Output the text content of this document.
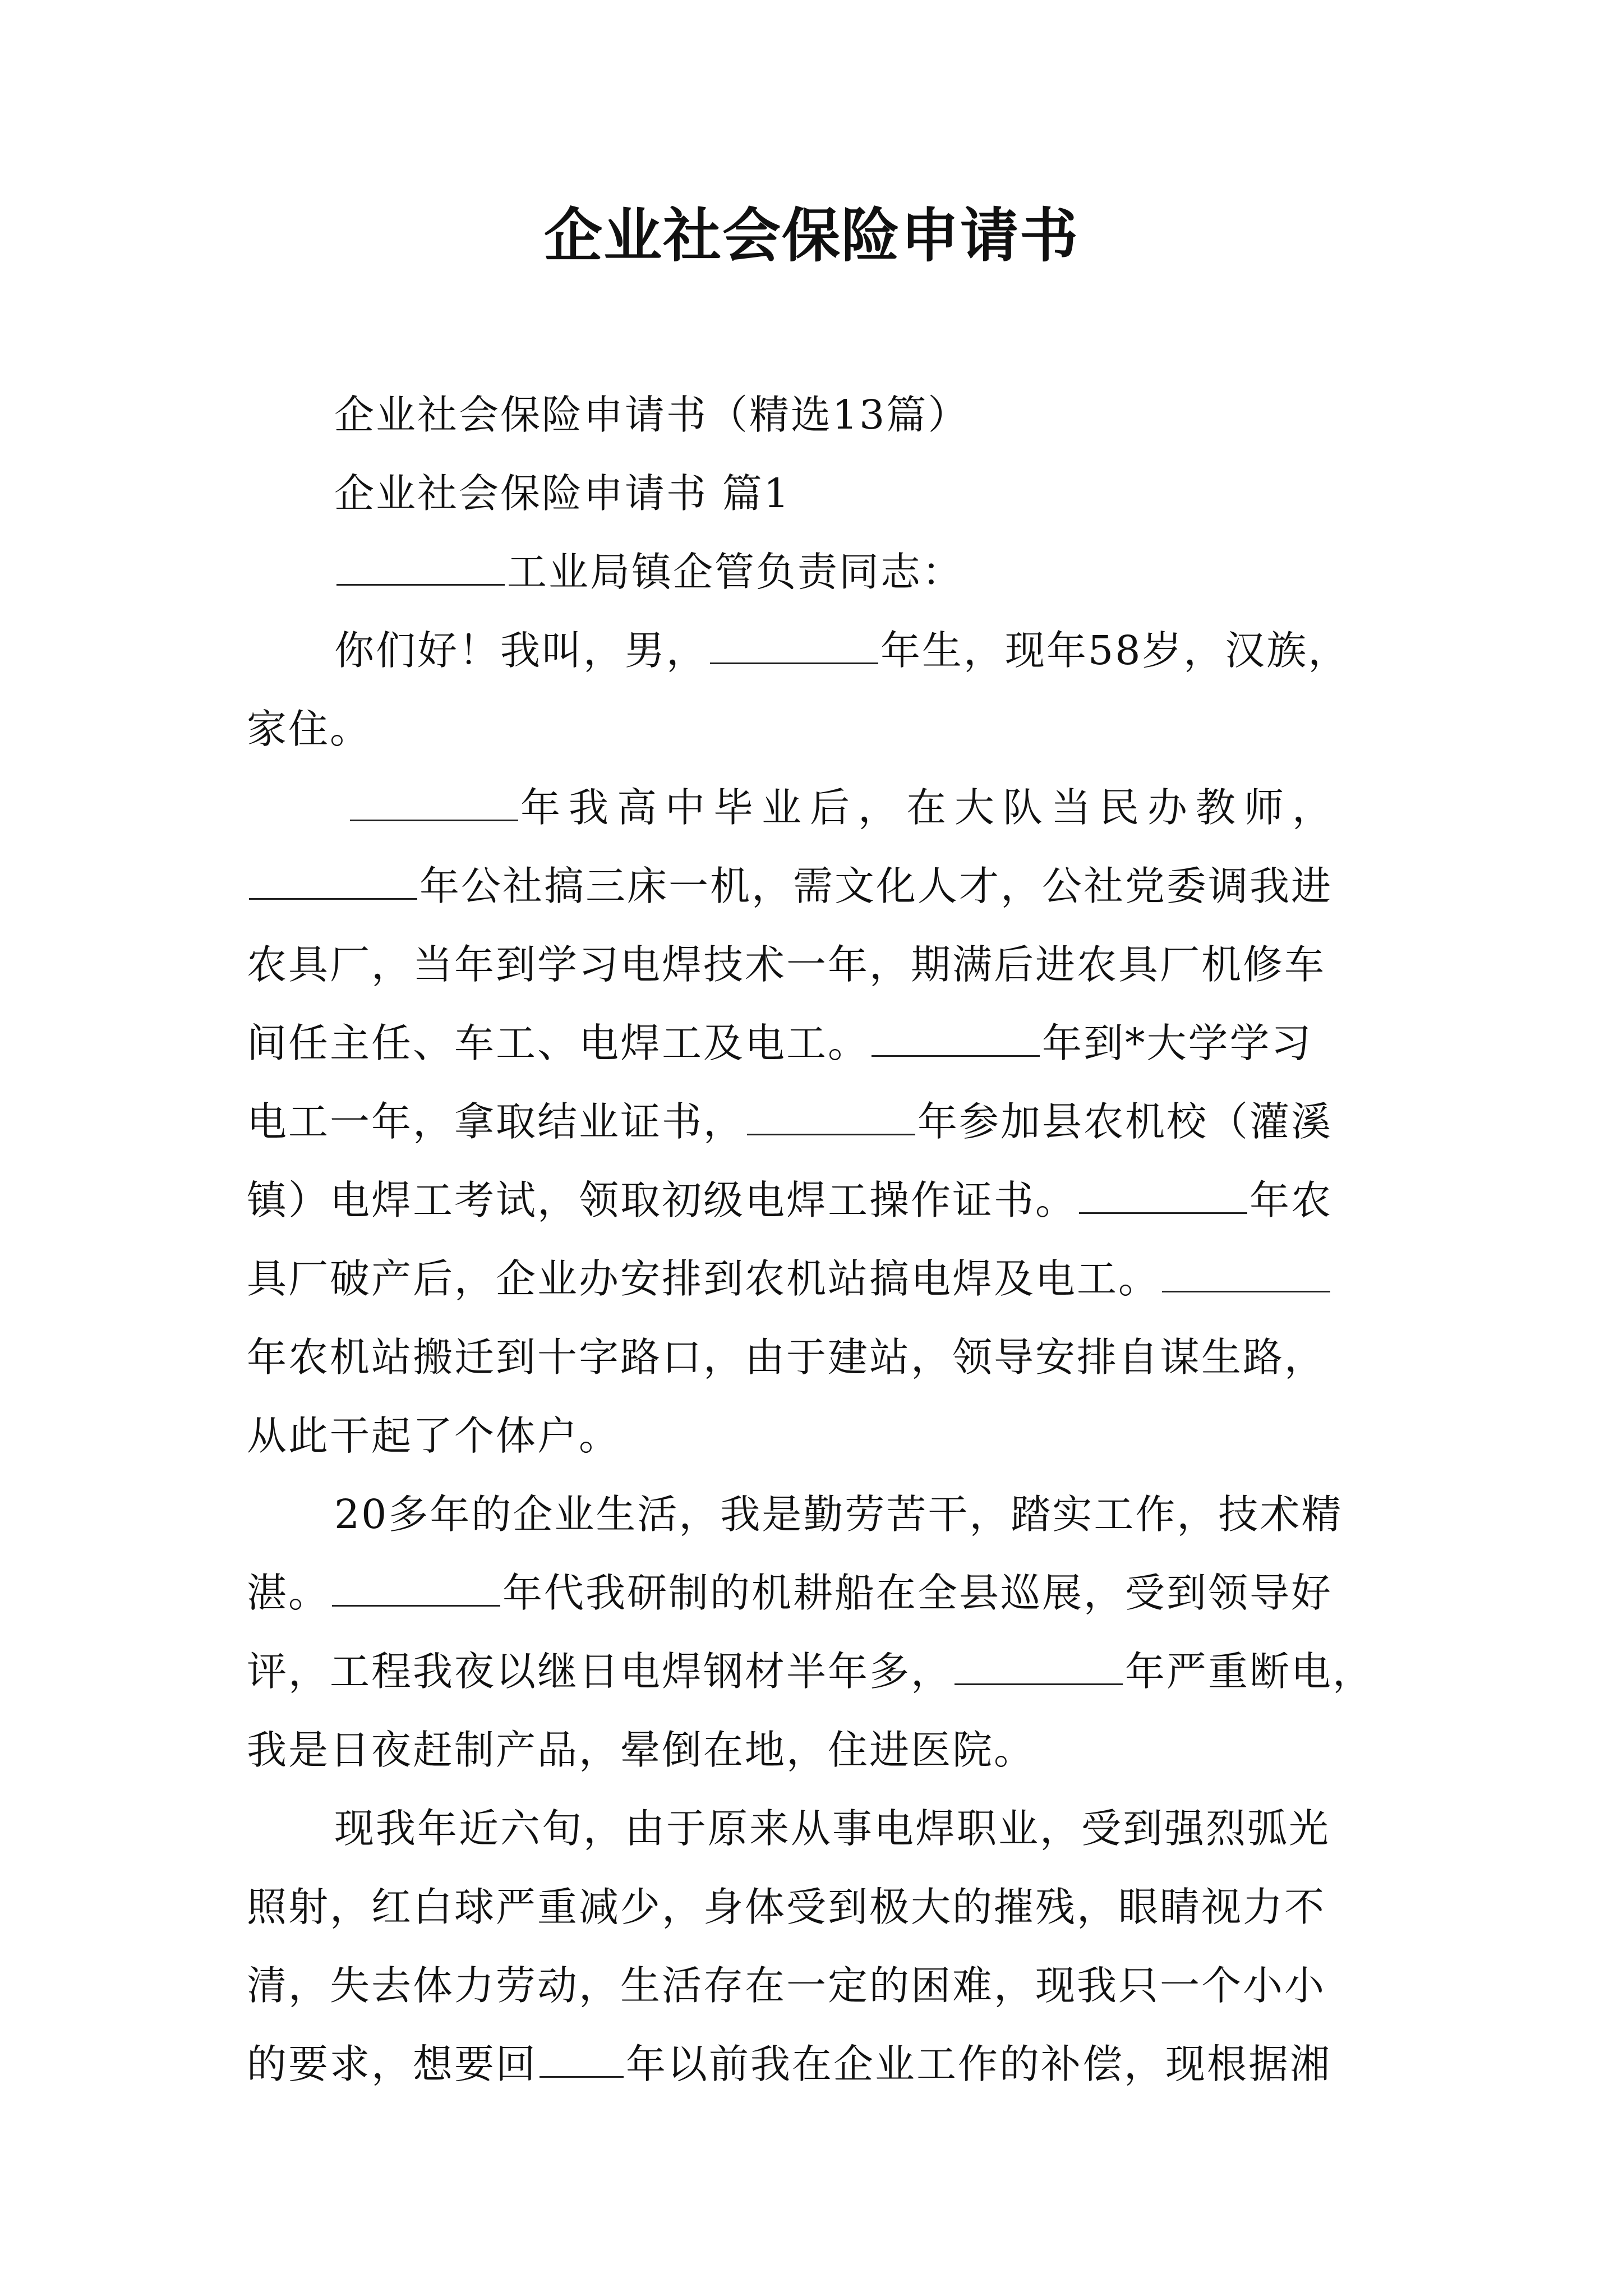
企业社会保险申请书
企业社会保险申请书（精选13篇）
企业社会保险申请书 篇1
工业局镇企管负责同志：
你们好！我叫，男，	年生，现年58岁，汉族，
家住。
年我高中毕业后，在大队当民办教师，
年公社搞三床一机，需文化人才，公社党委调我进
农具厂，当年到学习电焊技术一年，期满后进农具厂机修车
间任主任、车工、电焊工及电工。	年到*大学学习
电工一年，拿取结业证书，	年参加县农机校（灌溪
镇）电焊工考试，领取初级电焊工操作证书。	年农
具厂破产后，企业办安排到农机站搞电焊及电工。
年农机站搬迁到十字路口，由于建站，领导安排自谋生路，
从此干起了个体户。
20多年的企业生活，我是勤劳苦干，踏实工作，技术精
湛。	年代我研制的机耕船在全县巡展，受到领导好
评，工程我夜以继日电焊钢材半年多，	年严重断电，
我是日夜赶制产品，晕倒在地，住进医院。
现我年近六旬，由于原来从事电焊职业，受到强烈弧光
照射，红白球严重减少，身体受到极大的摧残，眼睛视力不
清，失去体力劳动，生活存在一定的困难，现我只一个小小
的要求，想要回 年以前我在企业工作的补偿，现根据湘
